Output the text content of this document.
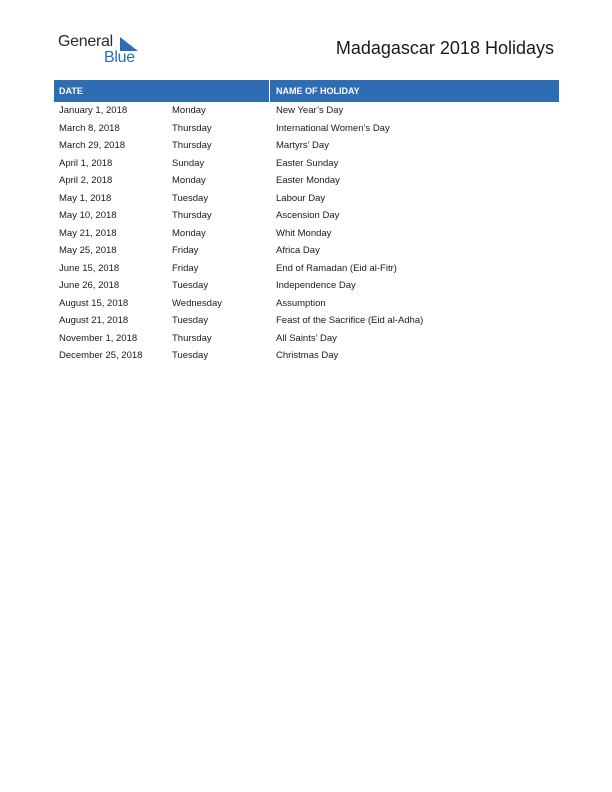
General
Blue	Madagascar 2018 Holidays
DATE	NAME OF HOLIDAY
January 1, 2018	Monday	New Year’s Day
March 8, 2018	Thursday	International Women’s Day
March 29, 2018	Thursday	Martyrs’ Day
April 1, 2018	Sunday	Easter Sunday
April 2, 2018	Monday	Easter Monday
May 1, 2018	Tuesday	Labour Day
May 10, 2018	Thursday	Ascension Day
May 21, 2018	Monday	Whit Monday
May 25, 2018	Friday	Africa Day
June 15, 2018	Friday	End of Ramadan (Eid al-Fitr)
June 26, 2018	Tuesday	Independence Day
August 15, 2018	Wednesday	Assumption
August 21, 2018	Tuesday	Feast of the Sacrifice (Eid al-Adha)
November 1, 2018	Thursday	All Saints’ Day
December 25, 2018	Tuesday	Christmas Day
